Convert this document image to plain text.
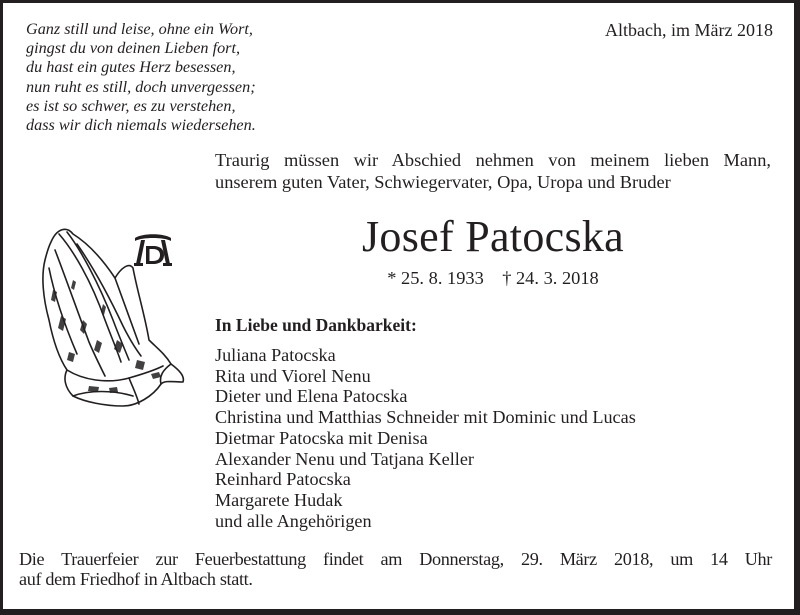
Ganz still und leise, ohne ein Wort,
gingst du von deinen Lieben fort,
du hast ein gutes Herz besessen,
nun ruht es still, doch unvergessen;
es ist so schwer, es zu verstehen,
dass wir dich niemals wiedersehen.
Altbach, im März 2018
Traurig müssen wir Abschied nehmen von meinem lieben Mann,
unserem guten Vater, Schwiegervater, Opa, Uropa und Bruder
Josef Patocska
* 25. 8. 1933    † 24. 3. 2018
In Liebe und Dankbarkeit:
Juliana Patocska
Rita und Viorel Nenu
Dieter und Elena Patocska
Christina und Matthias Schneider mit Dominic und Lucas
Dietmar Patocska mit Denisa
Alexander Nenu und Tatjana Keller
Reinhard Patocska
Margarete Hudak
und alle Angehörigen
Die Trauerfeier zur Feuerbestattung findet am Donnerstag, 29. März 2018, um 14 Uhr
auf dem Friedhof in Altbach statt.
